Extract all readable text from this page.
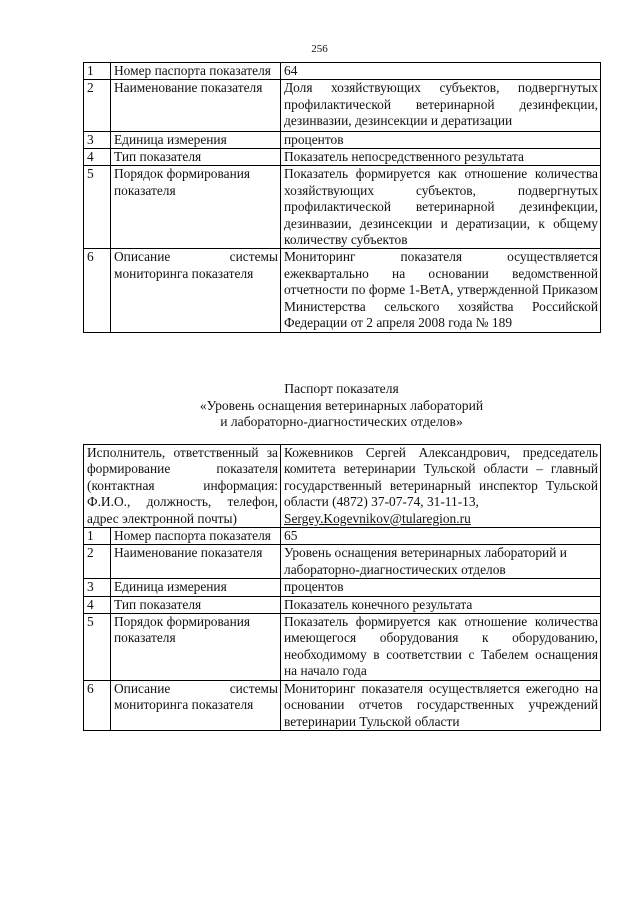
256
1	Номер паспорта показателя	64
2	Наименование показателя	Доля хозяйствующих субъектов, подвергнутых профилактической ветеринарной дезинфекции, дезинвазии, дезинсекции и дератизации
3	Единица измерения	процентов
4	Тип показателя	Показатель непосредственного результата
5	Порядок формирования показателя	Показатель формируется как отношение количества хозяйствующих субъектов, подвергнутых профилактической ветеринарной дезинфекции, дезинвазии, дезинсекции и дератизации, к общему количеству субъектов
6	Описание системы мониторинга показателя	Мониторинг показателя осуществляется ежеквартально на основании ведомственной отчетности по форме 1-ВетА, утвержденной Приказом Министерства сельского хозяйства Российской Федерации от 2 апреля 2008 года № 189
Паспорт показателя
«Уровень оснащения ветеринарных лабораторий
и лабораторно-диагностических отделов»
Исполнитель, ответственный за формирование показателя (контактная информация: Ф.И.О., должность, телефон, адрес электронной почты)		Кожевников Сергей Александрович, председатель комитета ветеринарии Тульской области – главный государственный ветеринарный инспектор Тульской области (4872) 37-07-74, 31-11-13,
Sergey.Kogevnikov@tularegion.ru
1	Номер паспорта показателя	65
2	Наименование показателя	Уровень оснащения ветеринарных лабораторий и лабораторно-диагностических отделов
3	Единица измерения	процентов
4	Тип показателя	Показатель конечного результата
5	Порядок формирования показателя	Показатель формируется как отношение количества имеющегося оборудования к оборудованию, необходимому в соответствии с Табелем оснащения на начало года
6	Описание системы мониторинга показателя	Мониторинг показателя осуществляется ежегодно на основании отчетов государственных учреждений ветеринарии Тульской области
